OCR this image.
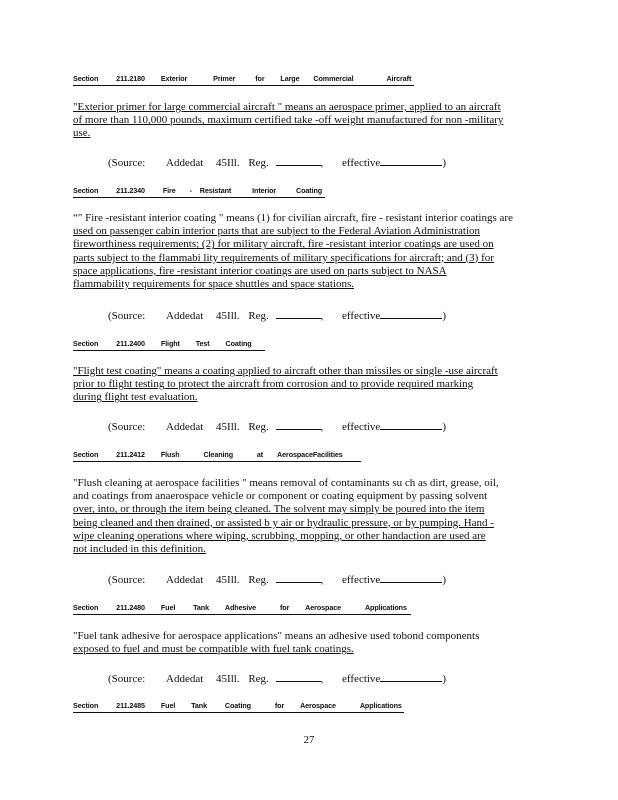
Section 211.2180 Exterior	Primer	for Large Commercial	Aircraft
"Exterior primer for large commercial aircraft " means an aerospace primer, applied to an aircraft
of more than 110,000 pounds, maximum certified take -off weight manufactured for non -military
use.
(Source: Addedat 45Ill. Reg.	, effective	)
Section 211.2340 Fire - Resistant	Interior	Coating
“" Fire -resistant interior coating " means (1) for civilian aircraft, fire - resistant interior coatings are
used on passenger cabin interior parts that are subject to the Federal Aviation Administration
fireworthiness requirements; (2) for military aircraft, fire -resistant interior coatings are used on
parts subject to the flammabi lity requirements of military specifications for aircraft; and (3) for
space applications, fire -resistant interior coatings are used on parts subject to NASA
flammability requirements for space shuttles and space stations.
(Source: Addedat 45Ill. Reg.	, effective	)
Section 211.2400 Flight Test Coating
"Flight test coating" means a coating applied to aircraft other than missiles or single -use aircraft
prior to flight testing to protect the aircraft from corrosion and to provide required marking
during flight test evaluation.
(Source: Addedat 45Ill. Reg.	, effective	)
Section 211.2412 Flush	Cleaning	at AerospaceFacilities
"Flush cleaning at aerospace facilities " means removal of contaminants su ch as dirt, grease, oil,
and coatings from anaerospace vehicle or component or coating equipment by passing solvent
over, into, or through the item being cleaned. The solvent may simply be poured into the item
being cleaned and then drained, or assisted b y air or hydraulic pressure, or by pumping. Hand -
wipe cleaning operations where wiping, scrubbing, mopping, or other handaction are used are
not included in this definition.
(Source: Addedat 45Ill. Reg.	, effective	)
Section 211.2480 Fuel Tank Adhesive	for Aerospace	Applications
"Fuel tank adhesive for aerospace applications" means an adhesive used tobond components
exposed to fuel and must be compatible with fuel tank coatings.
(Source: Addedat 45Ill. Reg.	, effective	)
Section 211.2485 Fuel Tank Coating	for Aerospace	Applications
27
